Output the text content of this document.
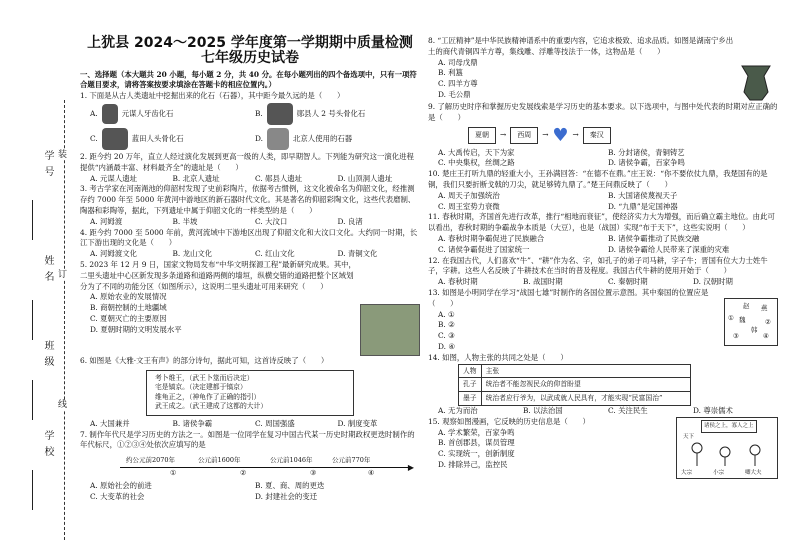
装
订
线
学号
姓名
班级
学校
上犹县 2024～2025 学年度第一学期期中质量检测
七年级历史试卷
一、选择题（本大题共 20 小题，每小题 2 分，共 40 分。在每小题列出的四个备选项中，只有一项符合题目要求，请将答案按要求填涂在答题卡的相应位置内。）
1. 下面是从古人类遗址中挖掘出来的化石（石器），其中距今最久远的是（　　）
A.	元谋人牙齿化石	B.	郧县人 2 号头骨化石
C.	蓝田人头骨化石	D.	北京人使用的石器
2. 距今约 20 万年，直立人经过演化发展到更高一级的人类，即早期智人。下列能为研究这一演化进程提供“内涵最丰富、材料最齐全”的遗址是（　　）
A. 元谋人遗址	B. 北京人遗址	C. 郧县人遗址	D. 山顶洞人遗址
3. 考古学家在河南渑池的仰韶村发现了史前彩陶片，依据考古惯例，这文化被命名为仰韶文化，经推测存约 7000 年至 5000 年黄河中游地区的新石器时代文化。其是著名的仰韶彩陶文化，这些代表磨制、陶器和彩陶等，据此，下列遗址中属于仰韶文化的一样类型的是（　　）
A. 河姆渡	B. 半坡	C. 大汶口	D. 良渚
4. 距今约 7000 至 5000 年前，黄河流域中下游地区出现了仰韶文化和大汶口文化。大约同一时期，长江下游出现的文化是（　　）
A. 河姆渡文化	B. 龙山文化	C. 红山文化	D. 青铜文化
5. 2023 年 12 月 9 日，国家文物局发布“中华文明探源工程”最新研究成果。其中，二里头遗址中心区新发现多条道路和道路两侧的墙垣，纵横交错的道路把整个区域划分为了不同的功能分区（如图所示），这说明二里头遗址可用来研究（　　）
A. 原始农业的发展情况
B. 商朝控制的土地疆域
C. 夏朝灭亡的主要原因
D. 夏朝时期的文明发展水平
6. 如图是《大雅·文王有声》的部分诗句，据此可知，这首诗反映了（　　）
考卜维王，（武王卜筮而后决定）
宅是镐京。（决定建都于镐京）
维龟正之，（神龟作了正确的指引）
武王成之。（武王建成了这都的大计）
A. 大国兼并	B. 诸侯争霸	C. 周国强盛	D. 制度变革
7. 制作年代尺是学习历史的方法之一。如图是一位同学在复习中国古代某一历史时期政权更迭时制作的年代标尺，①②③④处依次应填写的是
▶
约公元前2070年	公元前1600年	公元前1046年	公元前770年
①	②	③	④
A. 原始社会的前进	B. 夏、商、周的更迭
C. 大变革的社会	D. 封建社会的变迁
8. “工匠精神”是中华民族精神谱系中的重要内容，它追求极致、追求品质。如图是湖南宁乡出土的商代青铜四羊方尊，集线雕、浮雕等技法于一体，这物品是（　　）
A. 司母戊鼎
B. 利簋
C. 四羊方尊
D. 毛公鼎
9. 了解历史时序和掌握历史发展线索是学习历史的基本要求。以下选项中，与图中处代表的时期对应正确的是（　　）
夏朝	→	西周	→ ♥ →	秦汉
A. 大禹传启，天下为家	B. 分封诸侯，青铜铸艺
C. 中央集权，丝绸之路	D. 诸侯争霸，百家争鸣
10. 楚庄王打听九鼎的轻重大小，王孙满回答：“在德不在鼎。”庄王说：“你不要依仗九鼎，我楚国有的是铜，我们只要折断戈戟的刀尖，就足够铸九鼎了。”楚王问鼎反映了（　　）
A. 周天子加强统治	B. 大国诸侯蔑视天子
C. 周王室势力衰微	D. “九鼎”是定国神器
11. 春秋时期，齐国首先进行改革，推行“相地而衰征”，使经济实力大为增强，而后确立霸主地位。由此可以看出，春秋时期的争霸战争本质是（大豆），也是（战国）实现“布于天下”，这些实说明（　　）
A. 春秋时期争霸促进了民族融合	B. 诸侯争霸推动了民族交融
C. 诸侯争霸促进了国家统一	D. 诸侯争霸给人民带来了深重的灾难
12. 在我国古代，人们喜欢“牛”、“耕”作为名、字，如孔子的弟子司马耕，字子牛；晋国有位大力士姓牛子，字耕。这些人名反映了牛耕技术在当时的普及程度。我国古代牛耕的使用开始于（　　）
A. 春秋时期	B. 战国时期	C. 秦朝时期	D. 汉朝时期
13. 如图是小明同学在学习“战国七雄”时制作的各国位置示意图。其中秦国的位置应是（　　）
A. ①
B. ②
C. ③
D. ④
赵 燕
魏
韩
①	②
③	④
14. 如图，人物主张的共同之处是（　　）
人物	主张
孔子	统治者不能忽视民众的仰首盼望
墨子	统治者应行爷为，以武成就人民具有，才能实现“民富国治”
A. 无为而治	B. 以法治国	C. 关注民生	D. 尊崇儒术
15. 观察如图漫画，它反映的历史信息是（　　）
A. 学术繁荣，百家争鸣
B. 首创郡县，谋员管理
C. 实现统一，创新制度
D. 排除异己，监控民
诸侯之上，寡人之上
天下
大宗	小宗	卿大夫
